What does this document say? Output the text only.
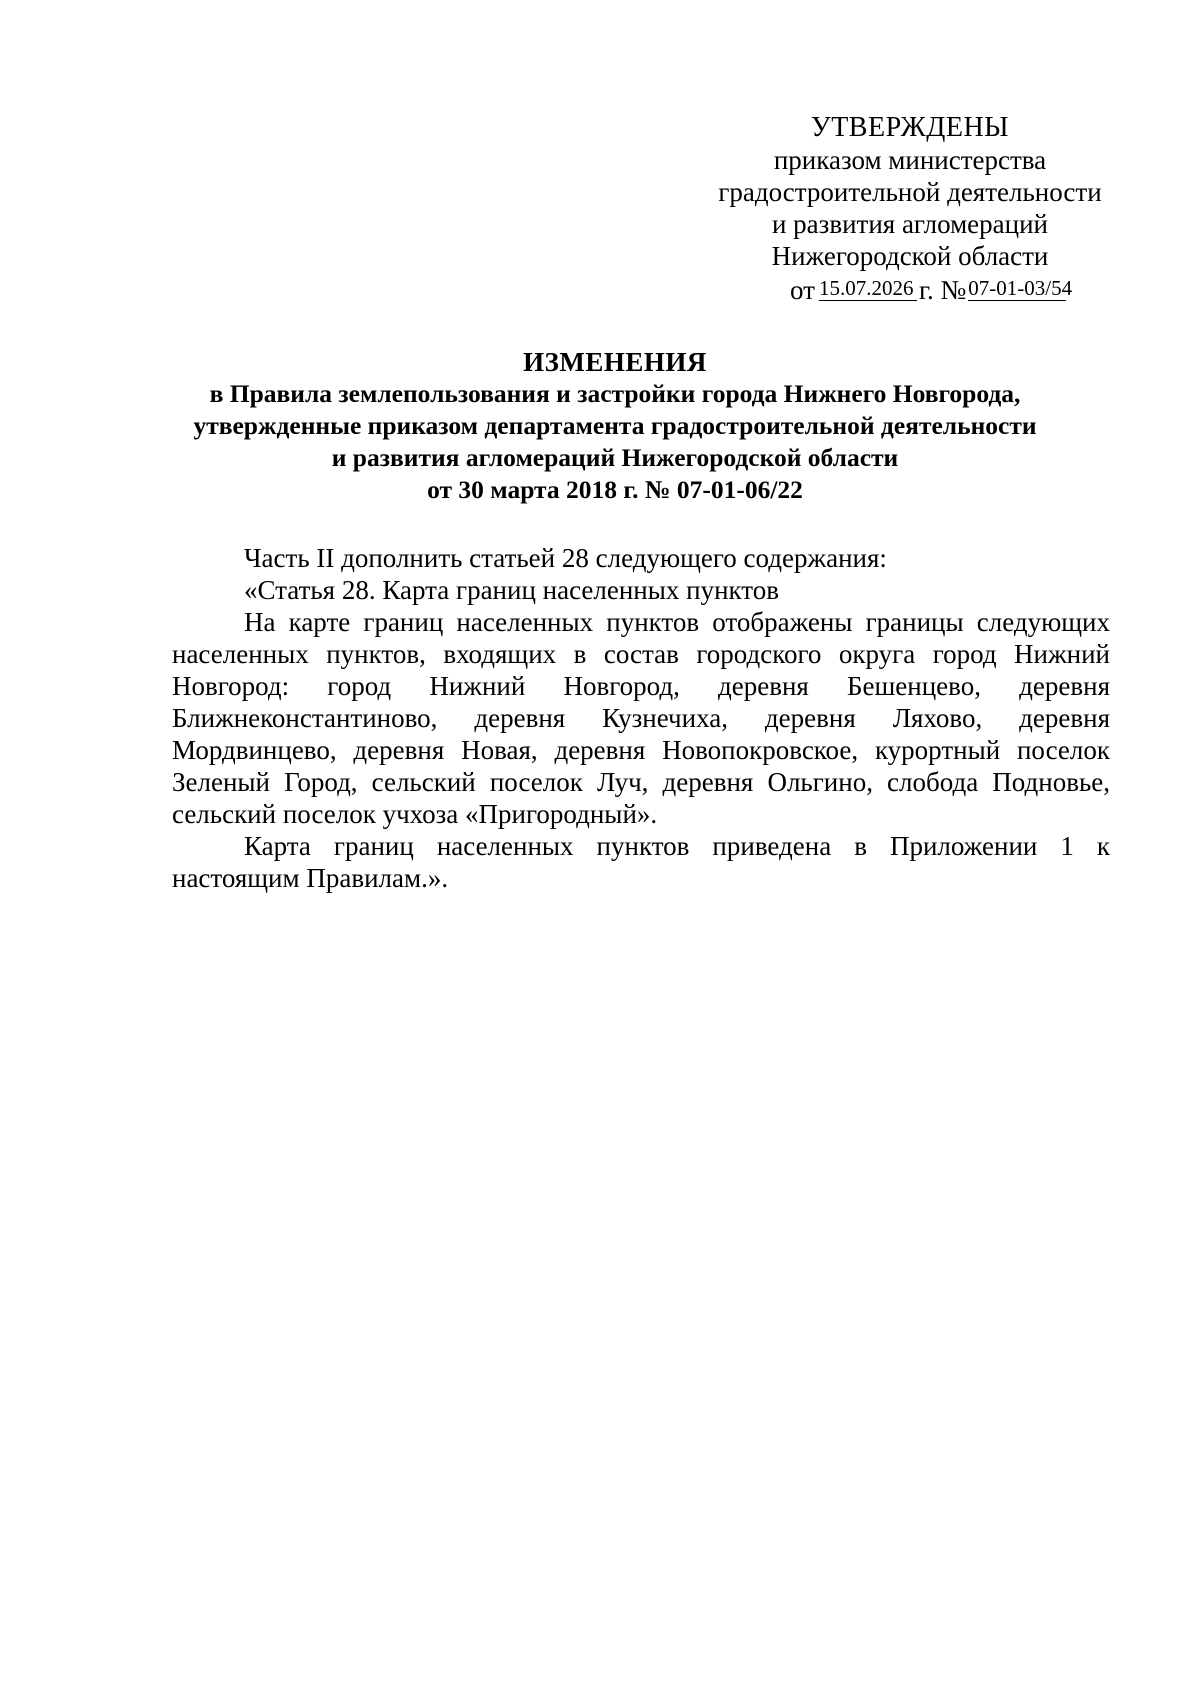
УТВЕРЖДЕНЫ
приказом министерства
градостроительной деятельности
и развития агломераций
Нижегородской области
от 15.07.2026 г. №07-01-03/54
ИЗМЕНЕНИЯ
в Правила землепользования и застройки города Нижнего Новгорода,
утвержденные приказом департамента градостроительной деятельности
и развития агломераций Нижегородской области
от 30 марта 2018 г. № 07-01-06/22

Часть II дополнить статьей 28 следующего содержания:

«Статья 28. Карта границ населенных пунктов

На карте границ населенных пунктов отображены границы следующих населенных пунктов, входящих в состав городского округа город Нижний Новгород: город Нижний Новгород, деревня Бешенцево, деревня Ближнеконстантиново, деревня Кузнечиха, деревня Ляхово, деревня Мордвинцево, деревня Новая, деревня Новопокровское, курортный поселок Зеленый Город, сельский поселок Луч, деревня Ольгино, слобода Подновье, сельский поселок учхоза «Пригородный».

Карта границ населенных пунктов приведена в Приложении 1 к настоящим Правилам.».
